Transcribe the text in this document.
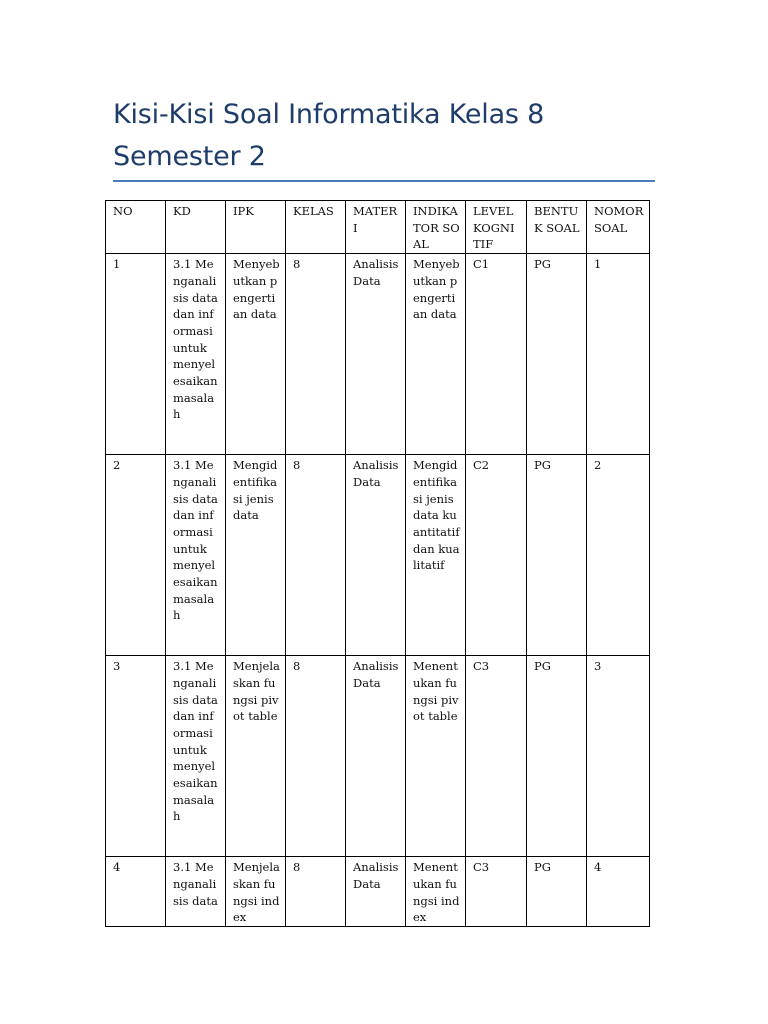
Kisi-Kisi Soal Informatika Kelas 8 Semester 2
NO	KD	IPK	KELAS	MATERI	INDIKATOR SOAL	LEVEL KOGNITIF	BENTUK SOAL	NOMOR SOAL
1	3.1 Menganalisis data dan informasi untuk menyelesaikan masalah	Menyebutkan pengertian data	8	Analisis Data	Menyebutkan pengertian data	C1	PG	1
2	3.1 Menganalisis data dan informasi untuk menyelesaikan masalah	Mengidentifikasi jenis data	8	Analisis Data	Mengidentifikasi jenis data kuantitatif dan kualitatif	C2	PG	2
3	3.1 Menganalisis data dan informasi untuk menyelesaikan masalah	Menjelaskan fungsi pivot table	8	Analisis Data	Menentukan fungsi pivot table	C3	PG	3
4	3.1 Menganalisis data	Menjelaskan fungsi index	8	Analisis Data	Menentukan fungsi index	C3	PG	4
